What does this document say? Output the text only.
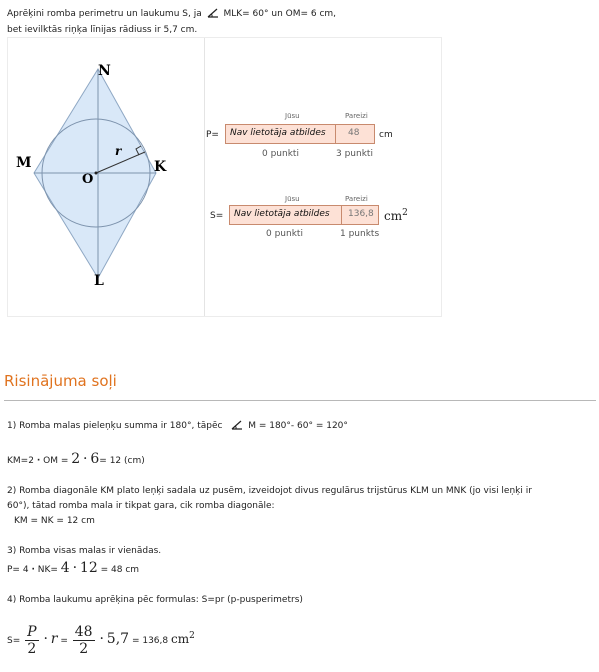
Aprēķini romba perimetru un laukumu S, ja MLK= 60° un OM= 6 cm,
bet ievilktās riņķa līnijas rādiuss ir 5,7 cm.
N
M	K
L
O
r
Jūsu	Pareizi
P= Nav lietotāja atbildes 48 cm
0 punkti	3 punkti
Jūsu	Pareizi
S= Nav lietotāja atbildes 136,8 $cm^2$
0 punkti	1 punkts
Risinājuma soļi
1) Romba malas pieleņķu summa ir 180°, tāpēc	M = 180°- 60° = 120°
KM=2 · OM = 2 · 6= 12 (cm)
2) Romba diagonāle KM plato leņķi sadala uz pusēm, izveidojot divus regulārus trijstūrus KLM un MNK (jo visi leņķi ir
60°), tātad romba mala ir tikpat gara, cik romba diagonāle:
KM = NK = 12 cm
3) Romba visas malas ir vienādas.
P= 4 · NK= 4 · 12 = 48 cm
4) Romba laukumu aprēķina pēc formulas: S=pr (p-pusperimetrs)
$S= \frac{P}{2} \cdot r = \frac{48}{2} \cdot 5,7 = 136,8$ $cm^2$
